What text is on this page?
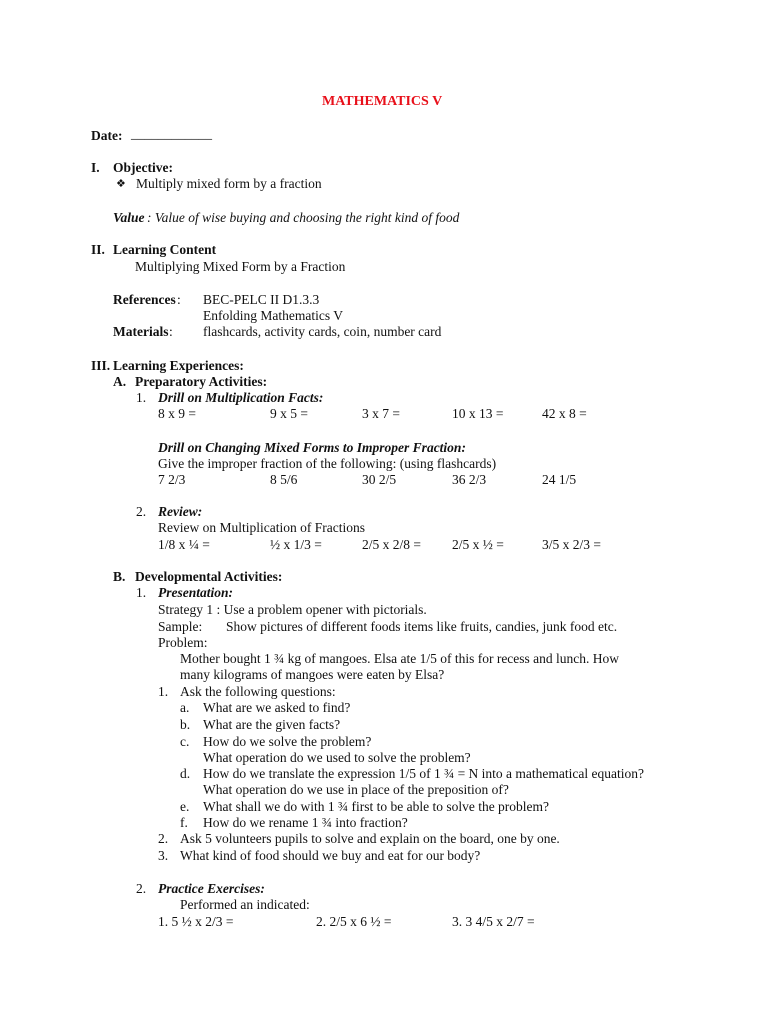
MATHEMATICS V
Date: ____________
I. Objective:
❖ Multiply mixed form by a fraction
Value : Value of wise buying and choosing the right kind of food
II. Learning Content
Multiplying Mixed Form by a Fraction
References : BEC-PELC II D1.3.3
Enfolding Mathematics V
Materials : flashcards, activity cards, coin, number card
III. Learning Experiences:
A. Preparatory Activities:
1. Drill on Multiplication Facts:
8 x 9 =	9 x 5 =	3 x 7 =	10 x 13 =	42 x 8 =
Drill on Changing Mixed Forms to Improper Fraction:
Give the improper fraction of the following: (using flashcards)
7 2/3	8 5/6	30 2/5	36 2/3	24 1/5
2. Review:
Review on Multiplication of Fractions
1/8 x ¼ =	½ x 1/3 =	2/5 x 2/8 = 2/5 x ½ =	3/5 x 2/3 =
B. Developmental Activities:
1. Presentation:
Strategy 1 : Use a problem opener with pictorials.
Sample: Show pictures of different foods items like fruits, candies, junk food etc.
Problem:
Mother bought 1 ¾ kg of mangoes. Elsa ate 1/5 of this for recess and lunch. How
many kilograms of mangoes were eaten by Elsa?
1. Ask the following questions:
a. What are we asked to find?
b. What are the given facts?
c. How do we solve the problem?
What operation do we used to solve the problem?
d. How do we translate the expression 1/5 of 1 ¾ = N into a mathematical equation?
What operation do we use in place of the preposition of?
e. What shall we do with 1 ¾ first to be able to solve the problem?
f. How do we rename 1 ¾ into fraction?
2. Ask 5 volunteers pupils to solve and explain on the board, one by one.
3. What kind of food should we buy and eat for our body?
2. Practice Exercises:
Performed an indicated:
1. 5 ½ x 2/3 =	2. 2/5 x 6 ½ =	3. 3 4/5 x 2/7 =
